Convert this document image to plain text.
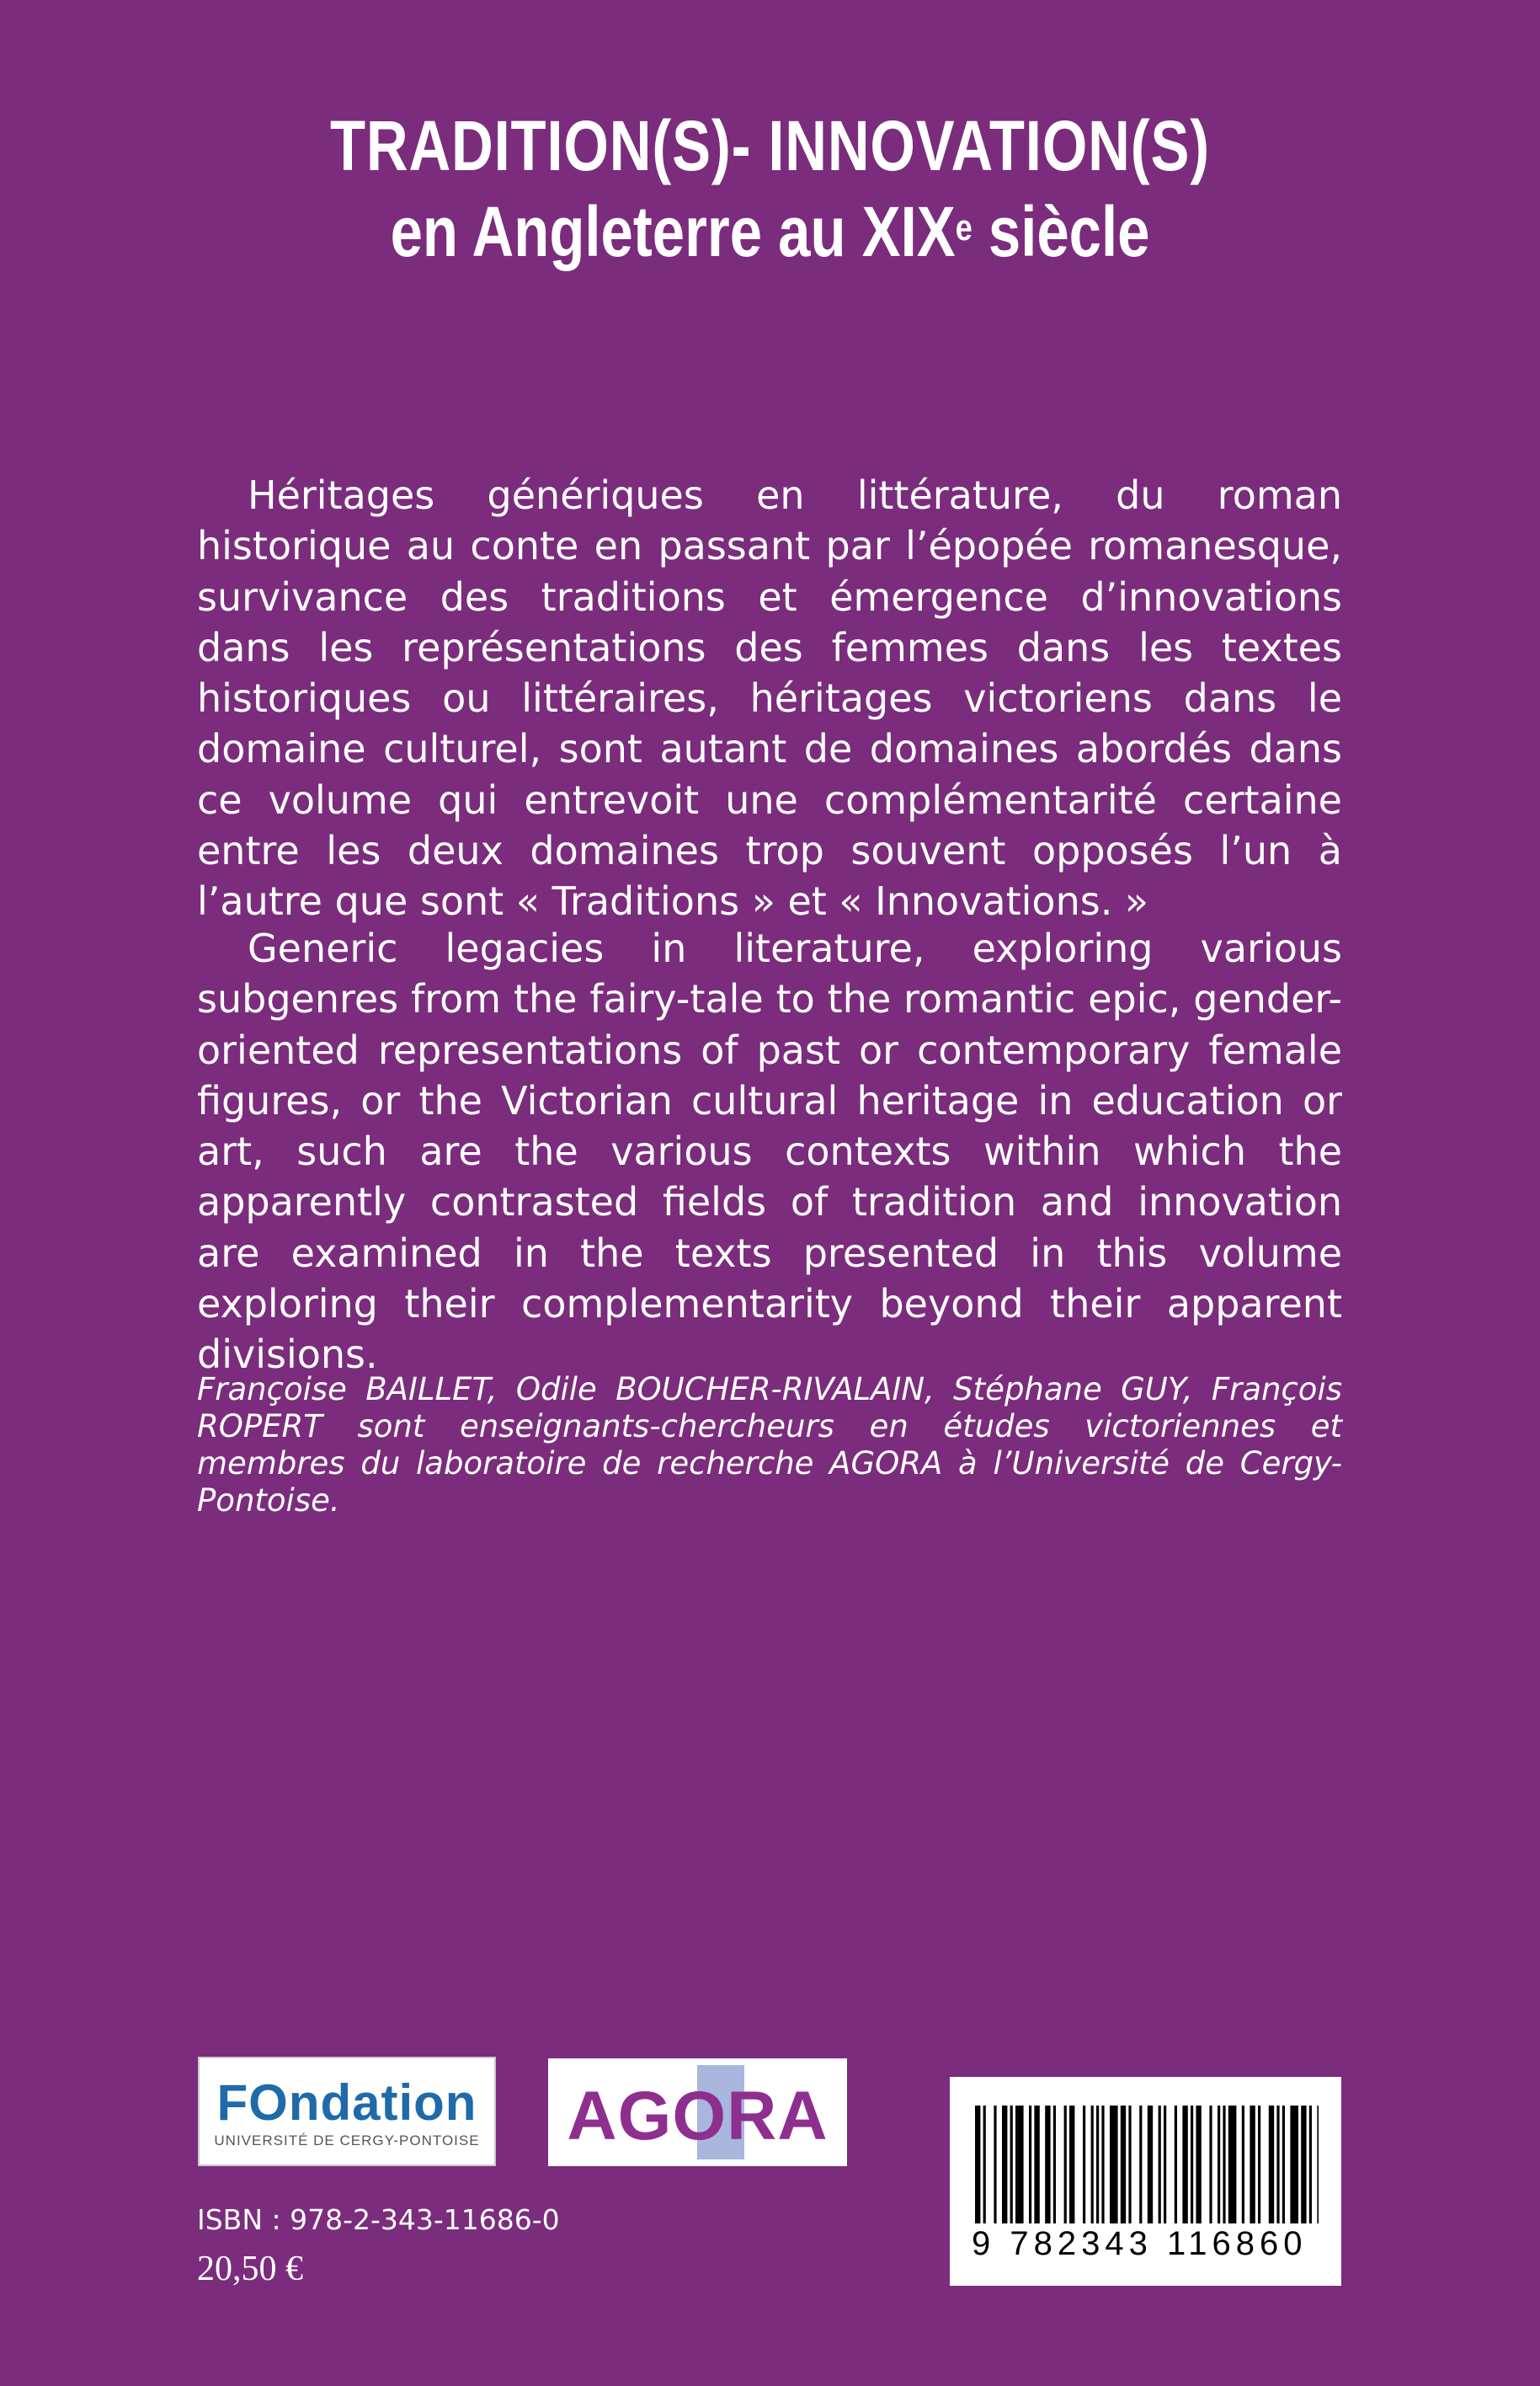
TRADITION(S)- INNOVATION(S)
en Angleterre au XIXe siècle
Héritages génériques en littérature, du roman historique au conte en passant par l’épopée romanesque, survivance des traditions et émergence d’innovations dans les représentations des femmes dans les textes historiques ou littéraires, héritages victoriens dans le domaine culturel, sont autant de domaines abordés dans ce volume qui entrevoit une complémentarité certaine entre les deux domaines trop souvent opposés l’un à l’autre que sont « Traditions » et « Innovations. »
Generic legacies in literature, exploring various subgenres from the fairy-tale to the romantic epic, gender-oriented representations of past or contemporary female figures, or the Victorian cultural heritage in education or art, such are the various contexts within which the apparently contrasted fields of tradition and innovation are examined in the texts presented in this volume exploring their complementarity beyond their apparent divisions.
Françoise BAILLET, Odile BOUCHER-RIVALAIN, Stéphane GUY, François ROPERT sont enseignants-chercheurs en études victoriennes et membres du laboratoire de recherche AGORA à l’Université de Cergy-Pontoise.
FOndation
UNIVERSITÉ DE CERGY-PONTOISE AGORA
9 782343 116860
ISBN : 978-2-343-11686-0
20,50 €
